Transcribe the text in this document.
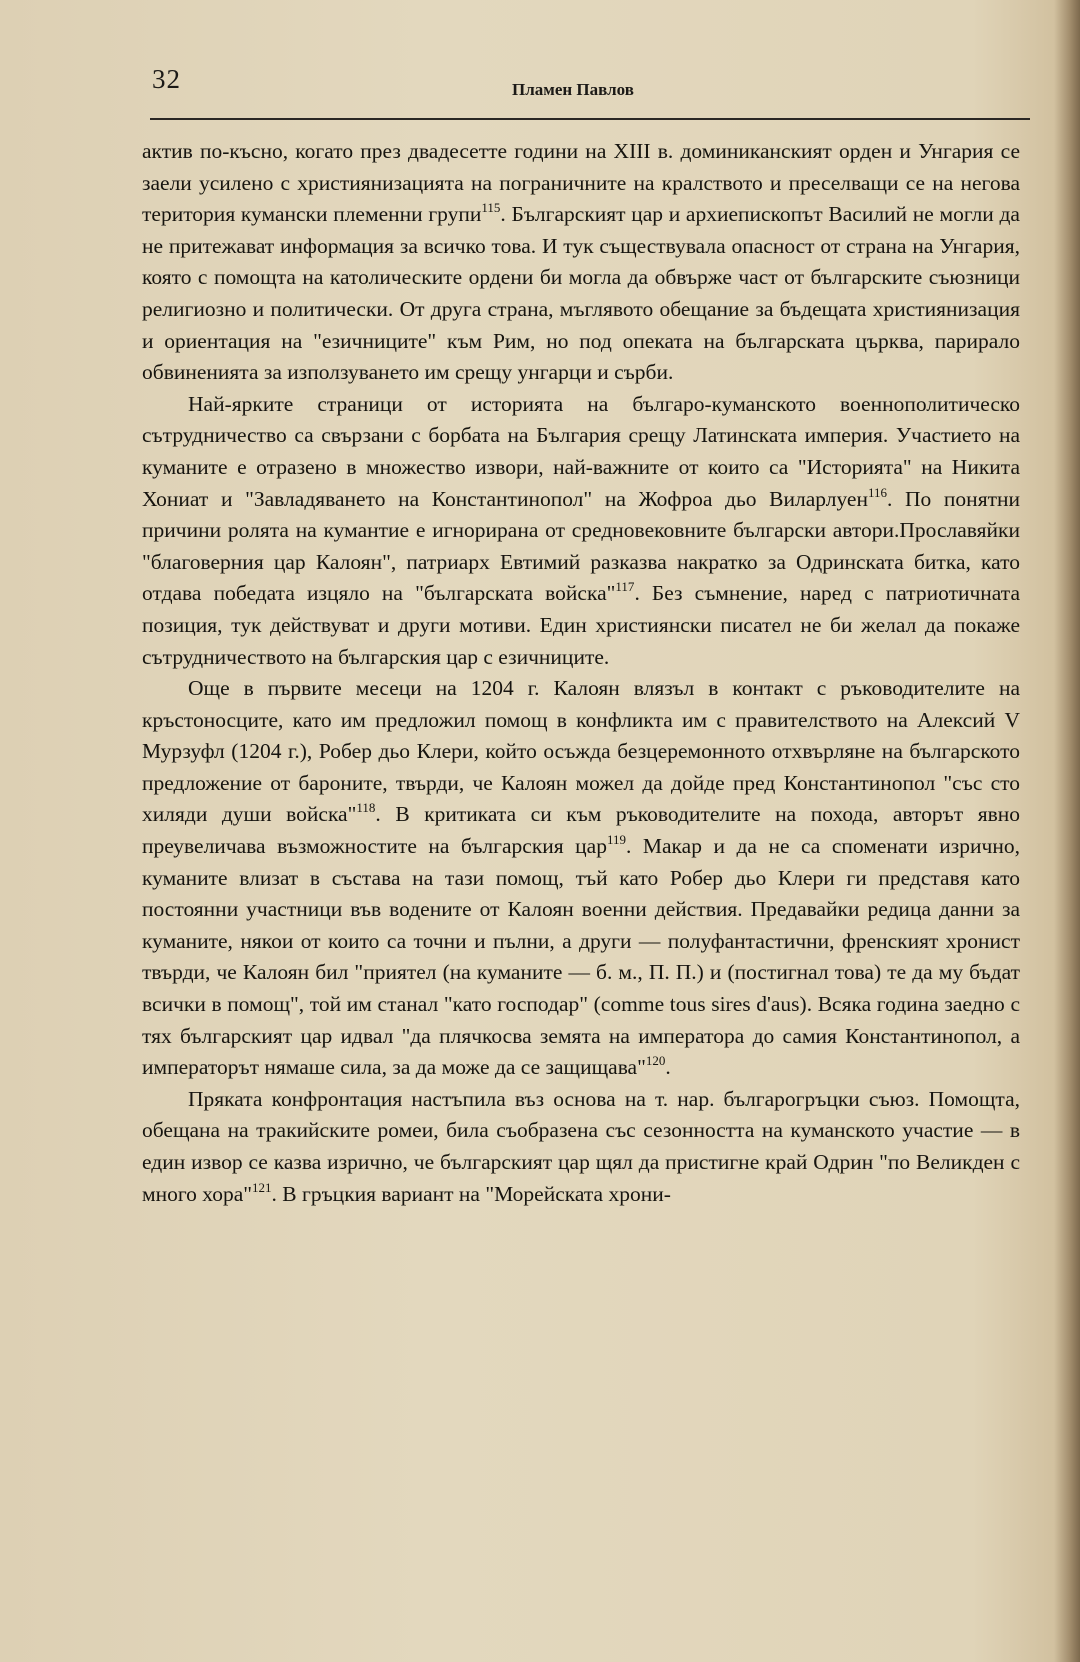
32	Пламен Павлов

актив по-късно, когато през двадесетте години на XIII в. доминиканският орден и Унгария се заели усилено с християнизацията на пограничните на кралството и преселващи се на негова територия кумански племенни групи$^{115}$. Българският цар и архиепископът Василий не могли да не притежават информация за всичко това. И тук съществувала опасност от страна на Унгария, която с помощта на католическите ордени би могла да обвърже част от българските съюзници религиозно и политически. От друга страна, мъглявото обещание за бъдещата християнизация и ориентация на "езичниците" към Рим, но под опеката на българската църква, парирало обвиненията за използуването им срещу унгарци и сърби.

Най-ярките страници от историята на българо-куманското военнополитическо сътрудничество са свързани с борбата на България срещу Латинската империя. Участието на куманите е отразено в множество извори, най-важните от които са "Историята" на Никита Хониат и "Завладяването на Константинопол" на Жофроа дьо Виларлуен$^{116}$. По понятни причини ролята на кумантие е игнорирана от средновековните български автори.Прославяйки "благоверния цар Калоян", патриарх Евтимий разказва накратко за Одринската битка, като отдава победата изцяло на "българската войска"$^{117}$. Без съмнение, наред с патриотичната позиция, тук действуват и други мотиви. Един християнски писател не би желал да покаже сътрудничеството на българския цар с езичниците.

Още в първите месеци на 1204 г. Калоян влязъл в контакт с ръководителите на кръстоносците, като им предложил помощ в конфликта им с правителството на Алексий V Мурзуфл (1204 г.), Робер дьо Клери, който осъжда безцеремонното отхвърляне на българското предложение от бароните, твърди, че Калоян можел да дойде пред Константинопол "със сто хиляди души войска"$^{118}$. В критиката си към ръководителите на похода, авторът явно преувеличава възможностите на българския цар$^{119}$. Макар и да не са споменати изрично, куманите влизат в състава на тази помощ, тъй като Робер дьо Клери ги представя като постоянни участници във водените от Калоян военни действия. Предавайки редица данни за куманите, някои от които са точни и пълни, а други — полуфантастични, френският хронист твърди, че Калоян бил "приятел (на куманите — б. м., П. П.) и (постигнал това) те да му бъдат всички в помощ", той им станал "като господар" (comme tous sires d'aus). Всяка година заедно с тях българският цар идвал "да плячкосва земята на императора до самия Константинопол, а императорът нямаше сила, за да може да се защищава"$^{120}$.

Пряката конфронтация настъпила въз основа на т. нар. българогръцки съюз. Помощта, обещана на тракийските ромеи, била съобразена със сезонността на куманското участие — в един извор се казва изрично, че българският цар щял да пристигне край Одрин "по Великден с много хора"$^{121}$. В гръцкия вариант на "Морейската хрони-
